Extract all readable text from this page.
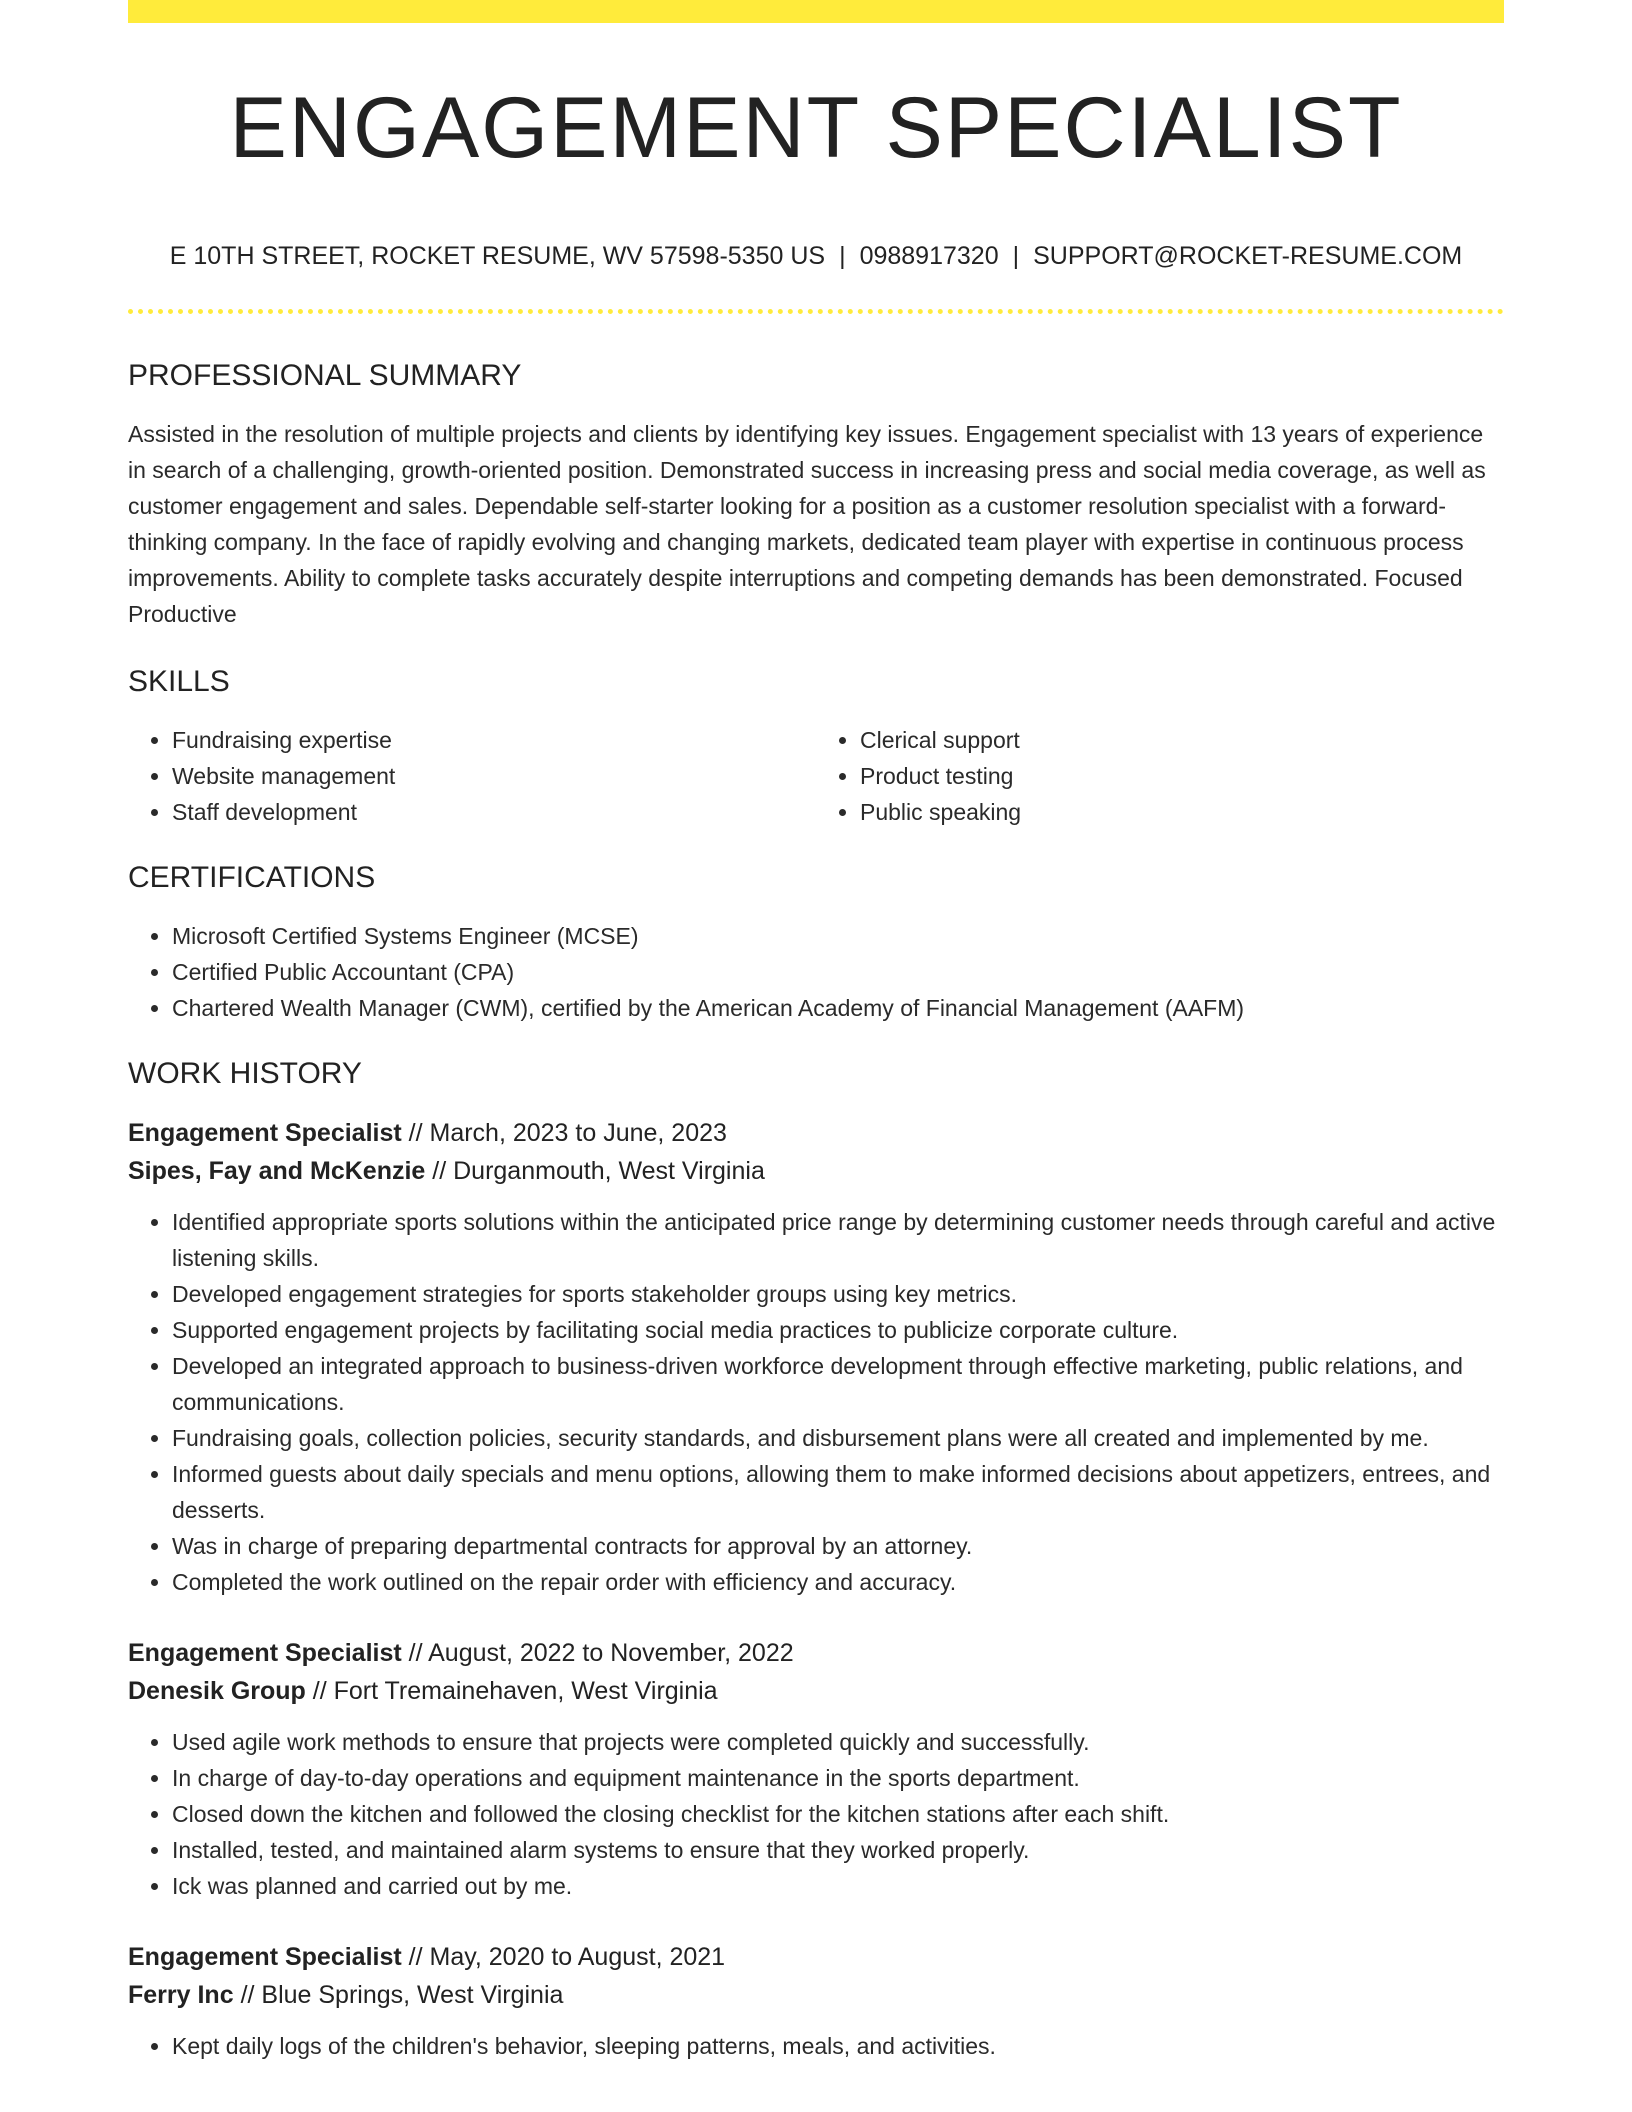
ENGAGEMENT SPECIALIST
E 10TH STREET, ROCKET RESUME, WV 57598-5350 US | 0988917320 | SUPPORT@ROCKET-RESUME.COM
PROFESSIONAL SUMMARY
Assisted in the resolution of multiple projects and clients by identifying key issues. Engagement specialist with 13 years of experience in search of a challenging, growth-oriented position. Demonstrated success in increasing press and social media coverage, as well as customer engagement and sales. Dependable self-starter looking for a position as a customer resolution specialist with a forward-thinking company. In the face of rapidly evolving and changing markets, dedicated team player with expertise in continuous process improvements. Ability to complete tasks accurately despite interruptions and competing demands has been demonstrated. Focused Productive
SKILLS
• Fundraising expertise
• Website management
• Staff development
• Clerical support
• Product testing
• Public speaking
CERTIFICATIONS
• Microsoft Certified Systems Engineer (MCSE)
• Certified Public Accountant (CPA)
• Chartered Wealth Manager (CWM), certified by the American Academy of Financial Management (AAFM)
WORK HISTORY
Engagement Specialist // March, 2023 to June, 2023
Sipes, Fay and McKenzie // Durganmouth, West Virginia
• Identified appropriate sports solutions within the anticipated price range by determining customer needs through careful and active listening skills.
• Developed engagement strategies for sports stakeholder groups using key metrics.
• Supported engagement projects by facilitating social media practices to publicize corporate culture.
• Developed an integrated approach to business-driven workforce development through effective marketing, public relations, and communications.
• Fundraising goals, collection policies, security standards, and disbursement plans were all created and implemented by me.
• Informed guests about daily specials and menu options, allowing them to make informed decisions about appetizers, entrees, and desserts.
• Was in charge of preparing departmental contracts for approval by an attorney.
• Completed the work outlined on the repair order with efficiency and accuracy.
Engagement Specialist // August, 2022 to November, 2022
Denesik Group // Fort Tremainehaven, West Virginia
• Used agile work methods to ensure that projects were completed quickly and successfully.
• In charge of day-to-day operations and equipment maintenance in the sports department.
• Closed down the kitchen and followed the closing checklist for the kitchen stations after each shift.
• Installed, tested, and maintained alarm systems to ensure that they worked properly.
• Ick was planned and carried out by me.
Engagement Specialist // May, 2020 to August, 2021
Ferry Inc // Blue Springs, West Virginia
• Kept daily logs of the children's behavior, sleeping patterns, meals, and activities.
